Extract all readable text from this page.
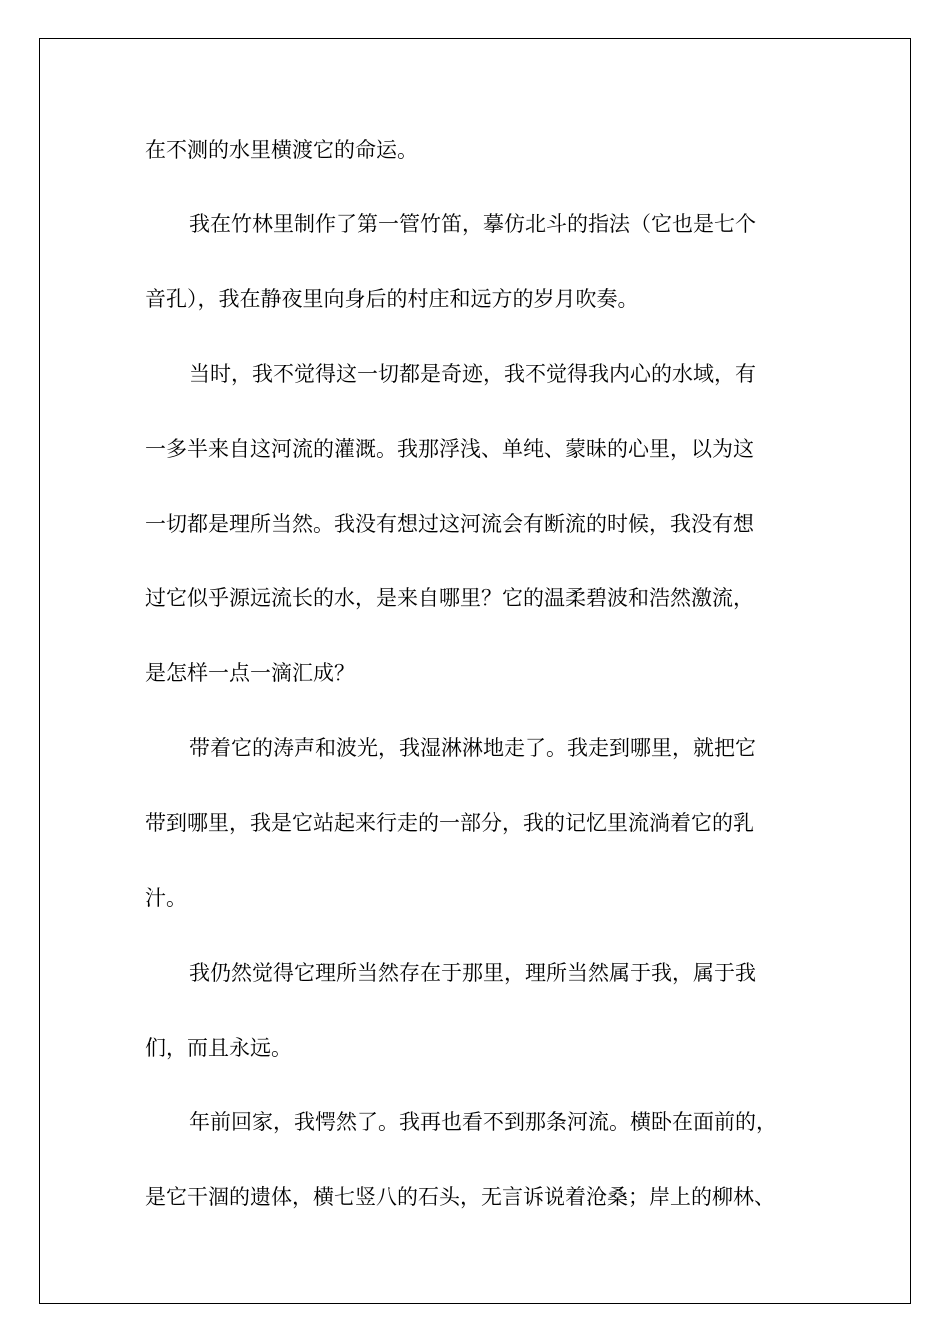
在不测的水里横渡它的命运。
我在竹林里制作了第一管竹笛，摹仿北斗的指法（它也是七个
音孔），我在静夜里向身后的村庄和远方的岁月吹奏。
当时，我不觉得这一切都是奇迹，我不觉得我内心的水域，有
一多半来自这河流的灌溉。我那浮浅、单纯、蒙昧的心里，以为这
一切都是理所当然。我没有想过这河流会有断流的时候，我没有想
过它似乎源远流长的水，是来自哪里？它的温柔碧波和浩然激流，
是怎样一点一滴汇成？
带着它的涛声和波光，我湿淋淋地走了。我走到哪里，就把它
带到哪里，我是它站起来行走的一部分，我的记忆里流淌着它的乳
汁。
我仍然觉得它理所当然存在于那里，理所当然属于我，属于我
们，而且永远。
年前回家，我愕然了。我再也看不到那条河流。横卧在面前的，
是它干涸的遗体，横七竖八的石头，无言诉说着沧桑；岸上的柳林、
